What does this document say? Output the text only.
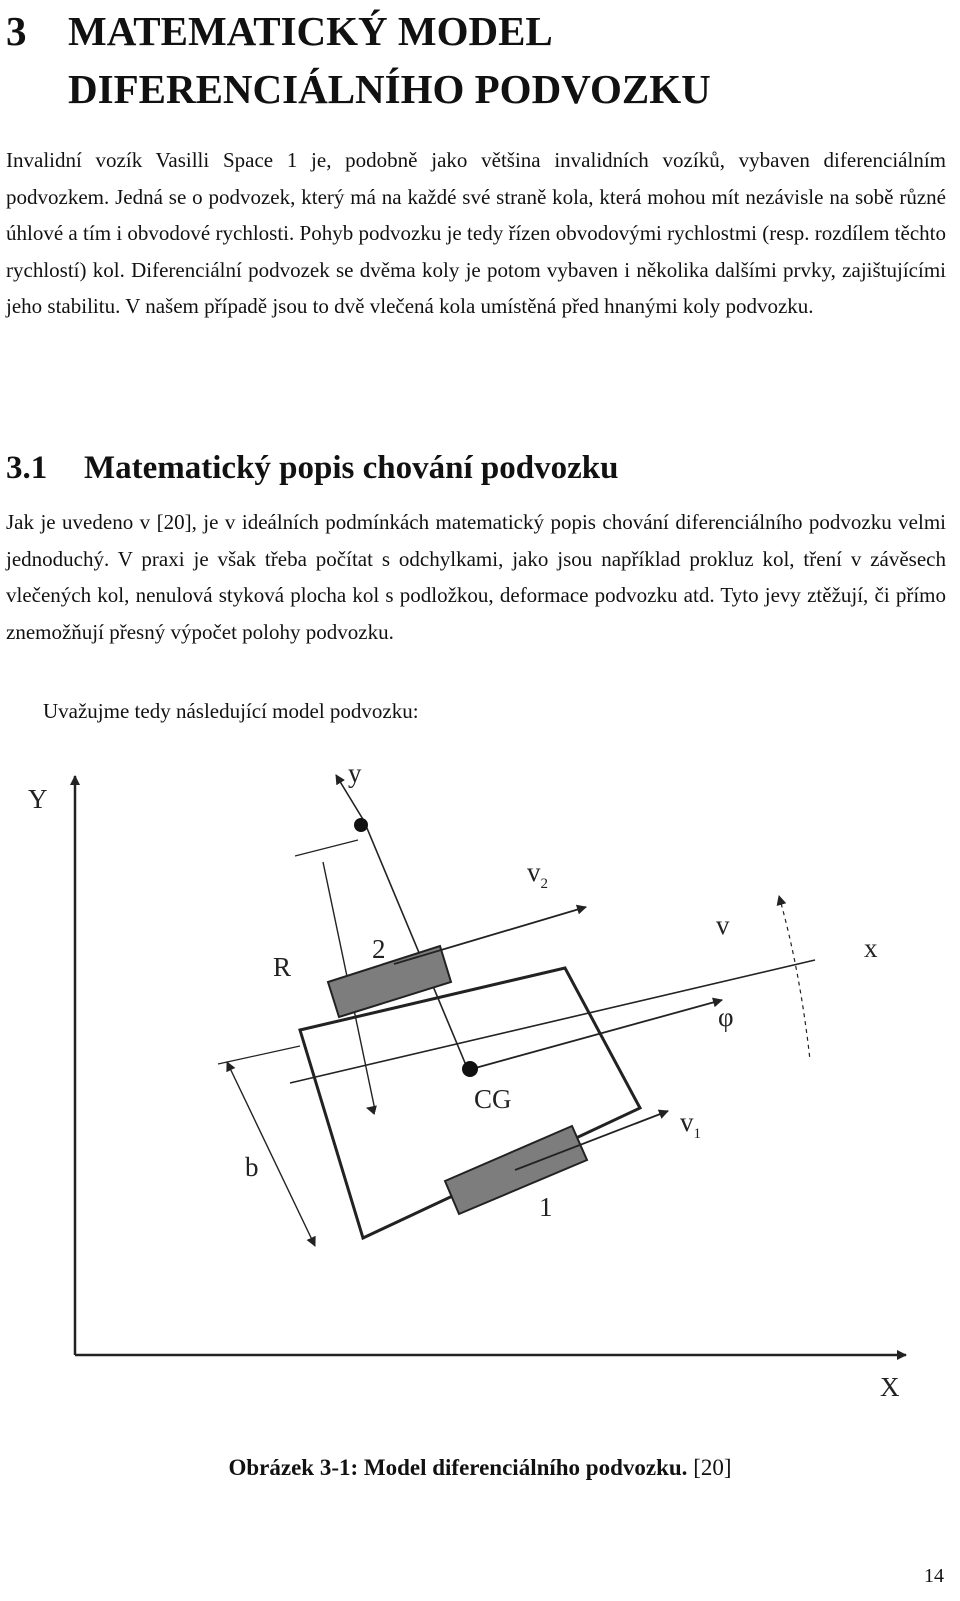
3 MATEMATICKÝ MODEL DIFERENCIÁLNÍHO PODVOZKU

Invalidní vozík Vasilli Space 1 je, podobně jako většina invalidních vozíků, vybaven diferenciálním podvozkem. Jedná se o podvozek, který má na každé své straně kola, která mohou mít nezávisle na sobě různé úhlové a tím i obvodové rychlosti. Pohyb podvozku je tedy řízen obvodovými rychlostmi (resp. rozdílem těchto rychlostí) kol. Diferenciální podvozek se dvěma koly je potom vybaven i několika dalšími prvky, zajištujícími jeho stabilitu. V našem případě jsou to dvě vlečená kola umístěná před hnanými koly podvozku.

3.1 Matematický popis chování podvozku

Jak je uvedeno v [20], je v ideálních podmínkách matematický popis chování diferenciálního podvozku velmi jednoduchý. V praxi je však třeba počítat s odchylkami, jako jsou například prokluz kol, tření v závěsech vlečených kol, nenulová styková plocha kol s podložkou, deformace podvozku atd. Tyto jevy ztěžují, či přímo znemožňují přesný výpočet polohy podvozku.

Uvažujme tedy následující model podvozku:

Y
X
y
x
R
b
2
1
CG
v
φ
$v_2$
$v_1$
Obrázek 3-1: Model diferenciálního podvozku. [20]
14
